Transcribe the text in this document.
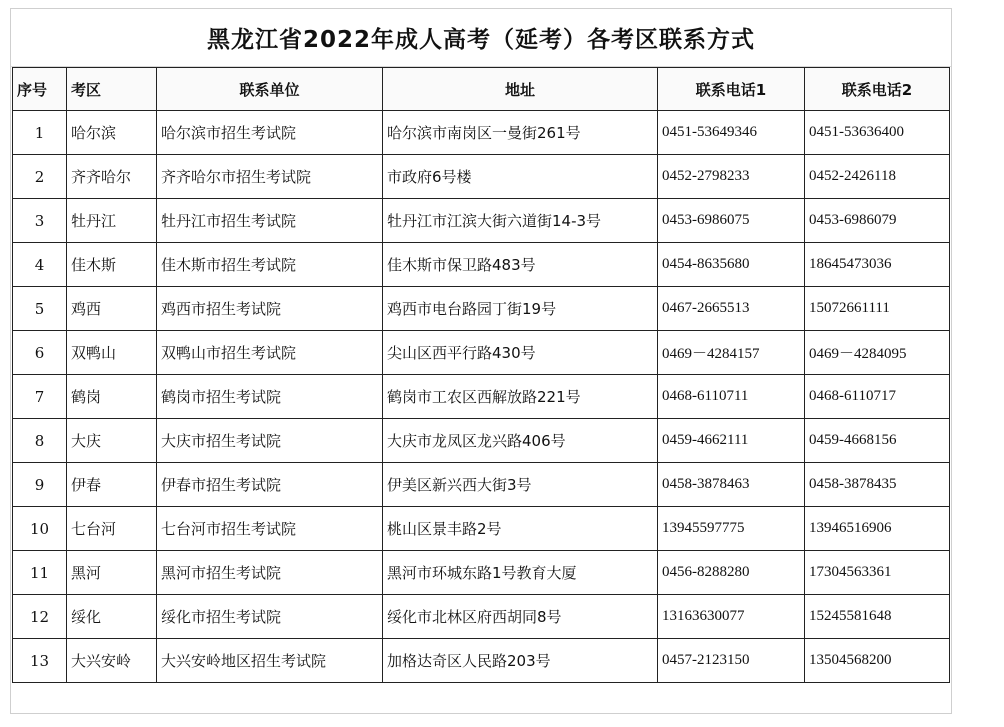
黑龙江省2022年成人高考（延考）各考区联系方式
序号	考区	联系单位	地址	联系电话1	联系电话2
1	哈尔滨	哈尔滨市招生考试院	哈尔滨市南岗区一曼街261号	0451-53649346	0451-53636400
2	齐齐哈尔	齐齐哈尔市招生考试院	市政府6号楼	0452-2798233	0452-2426118
3	牡丹江	牡丹江市招生考试院	牡丹江市江滨大街六道街14-3号	0453-6986075	0453-6986079
4	佳木斯	佳木斯市招生考试院	佳木斯市保卫路483号	0454-8635680	18645473036
5	鸡西	鸡西市招生考试院	鸡西市电台路园丁街19号	0467-2665513	15072661111
6	双鸭山	双鸭山市招生考试院	尖山区西平行路430号	0469－4284157	0469－4284095
7	鹤岗	鹤岗市招生考试院	鹤岗市工农区西解放路221号	0468-6110711	0468-6110717
8	大庆	大庆市招生考试院	大庆市龙凤区龙兴路406号	0459-4662111	0459-4668156
9	伊春	伊春市招生考试院	伊美区新兴西大街3号	0458-3878463	0458-3878435
10	七台河	七台河市招生考试院	桃山区景丰路2号	13945597775	13946516906
11	黑河	黑河市招生考试院	黑河市环城东路1号教育大厦	0456-8288280	17304563361
12	绥化	绥化市招生考试院	绥化市北林区府西胡同8号	13163630077	15245581648
13	大兴安岭	大兴安岭地区招生考试院	加格达奇区人民路203号	0457-2123150	13504568200
